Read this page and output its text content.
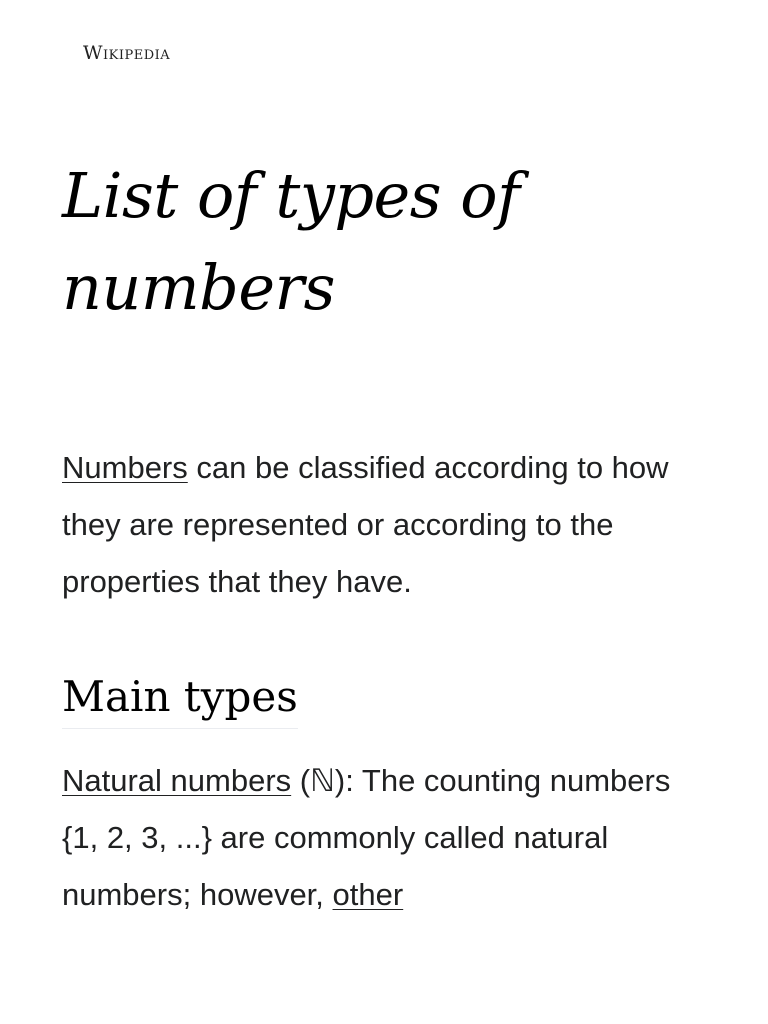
Wikipedia
List of types of numbers

Numbers can be classified according to how they are represented or according to the properties that they have.

Main types

Natural numbers (ℕ): The counting numbers {1, 2, 3, ...} are commonly called natural numbers; however, other
